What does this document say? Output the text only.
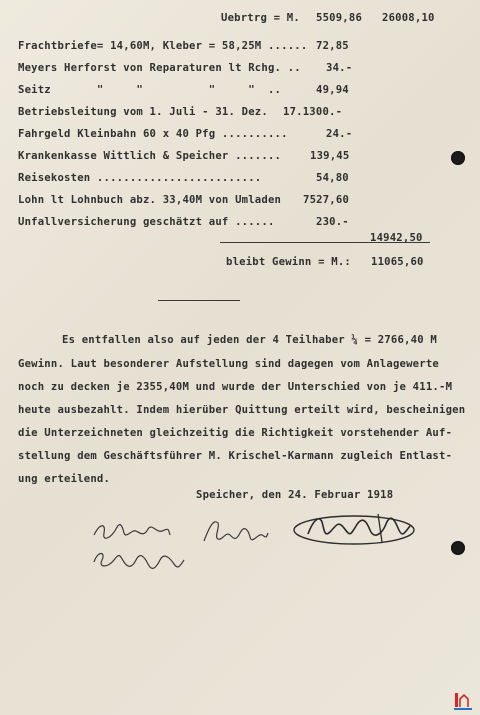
Uebrtrg = M. 5509,86 26008,10
Frachtbriefe= 14,60M, Kleber = 58,25M ...... 72,85
Meyers Herforst von Reparaturen lt Rchg. .. 34.-
Seitz       "     "          "     "  ..	49,94
Betriebsleitung vom 1. Juli - 31. Dez. 17.1300.-
Fahrgeld Kleinbahn 60 x 40 Pfg ..........	24.-
Krankenkasse Wittlich & Speicher .......	139,45
Reisekosten .........................	54,80
Lohn lt Lohnbuch abz. 33,40M von Umladen 7527,60
Unfallversicherung geschätzt auf ......	230.-
14942,50
bleibt Gewinn = M.: 11065,60
Es entfallen also auf jeden der 4 Teilhaber ¼ = 2766,40 M
Gewinn. Laut besonderer Aufstellung sind dagegen vom Anlagewerte
noch zu decken je 2355,40M und wurde der Unterschied von je 411.-M
heute ausbezahlt. Indem hierüber Quittung erteilt wird, bescheinigen
die Unterzeichneten gleichzeitig die Richtigkeit vorstehender Auf-
stellung dem Geschäftsführer M. Krischel-Karmann zugleich Entlast-
ung erteilend.
Speicher, den 24. Februar 1918
